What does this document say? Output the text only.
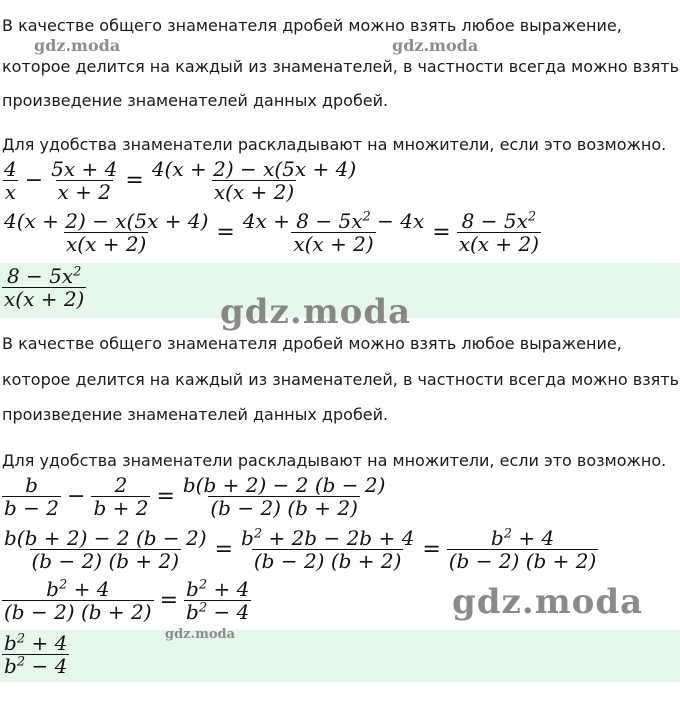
В качестве общего знаменателя дробей можно взять любое выражение,
которое делится на каждый из знаменателей, в частности всегда можно взять
произведение знаменателей данных дробей.
Для удобства знаменатели раскладывают на множители, если это возможно.
$\frac{4}{x} - \frac{5x + 4}{x + 2} = \frac{4(x + 2) - x(5x + 4)}{x(x + 2)}$
$\frac{4(x + 2) - x(5x + 4)}{x(x + 2)} = \frac{4x + 8 - 5x^2 - 4x}{x(x + 2)} = \frac{8 - 5x^2}{x(x + 2)}$
$\frac{8 - 5x^2}{x(x + 2)}$
В качестве общего знаменателя дробей можно взять любое выражение,
которое делится на каждый из знаменателей, в частности всегда можно взять
произведение знаменателей данных дробей.
Для удобства знаменатели раскладывают на множители, если это возможно.
$\frac{b}{b - 2} - \frac{2}{b + 2} = \frac{b(b + 2) - 2 (b - 2)}{(b - 2) (b + 2)}$
$\frac{b(b + 2) - 2 (b - 2)}{(b - 2) (b + 2)} = \frac{b^2 + 2b - 2b + 4}{(b - 2) (b + 2)} = \frac{b^2 + 4}{(b - 2) (b + 2)}$
$\frac{b^2 + 4}{(b - 2) (b + 2)} = \frac{b^2 + 4}{b^2 - 4}$
$\frac{b^2 + 4}{b^2 - 4}$
gdz.moda	gdz.moda
gdz.moda
gdz.moda
gdz.moda
